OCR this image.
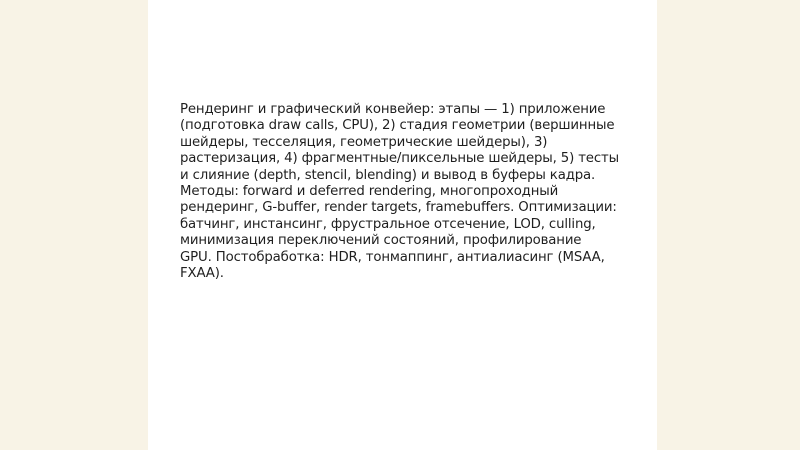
Рендеринг и графический конвейер: этапы — 1) приложение
(подготовка draw calls, CPU), 2) стадия геометрии (вершинные
шейдеры, тесселяция, геометрические шейдеры), 3)
растеризация, 4) фрагментные/пиксельные шейдеры, 5) тесты
и слияние (depth, stencil, blending) и вывод в буферы кадра.
Методы: forward и deferred rendering, многопроходный
рендеринг, G-buffer, render targets, framebuffers. Оптимизации:
батчинг, инстансинг, фрустральное отсечение, LOD, culling,
минимизация переключений состояний, профилирование
GPU. Постобработка: HDR, тонмаппинг, антиалиасинг (MSAA,
FXAA).
